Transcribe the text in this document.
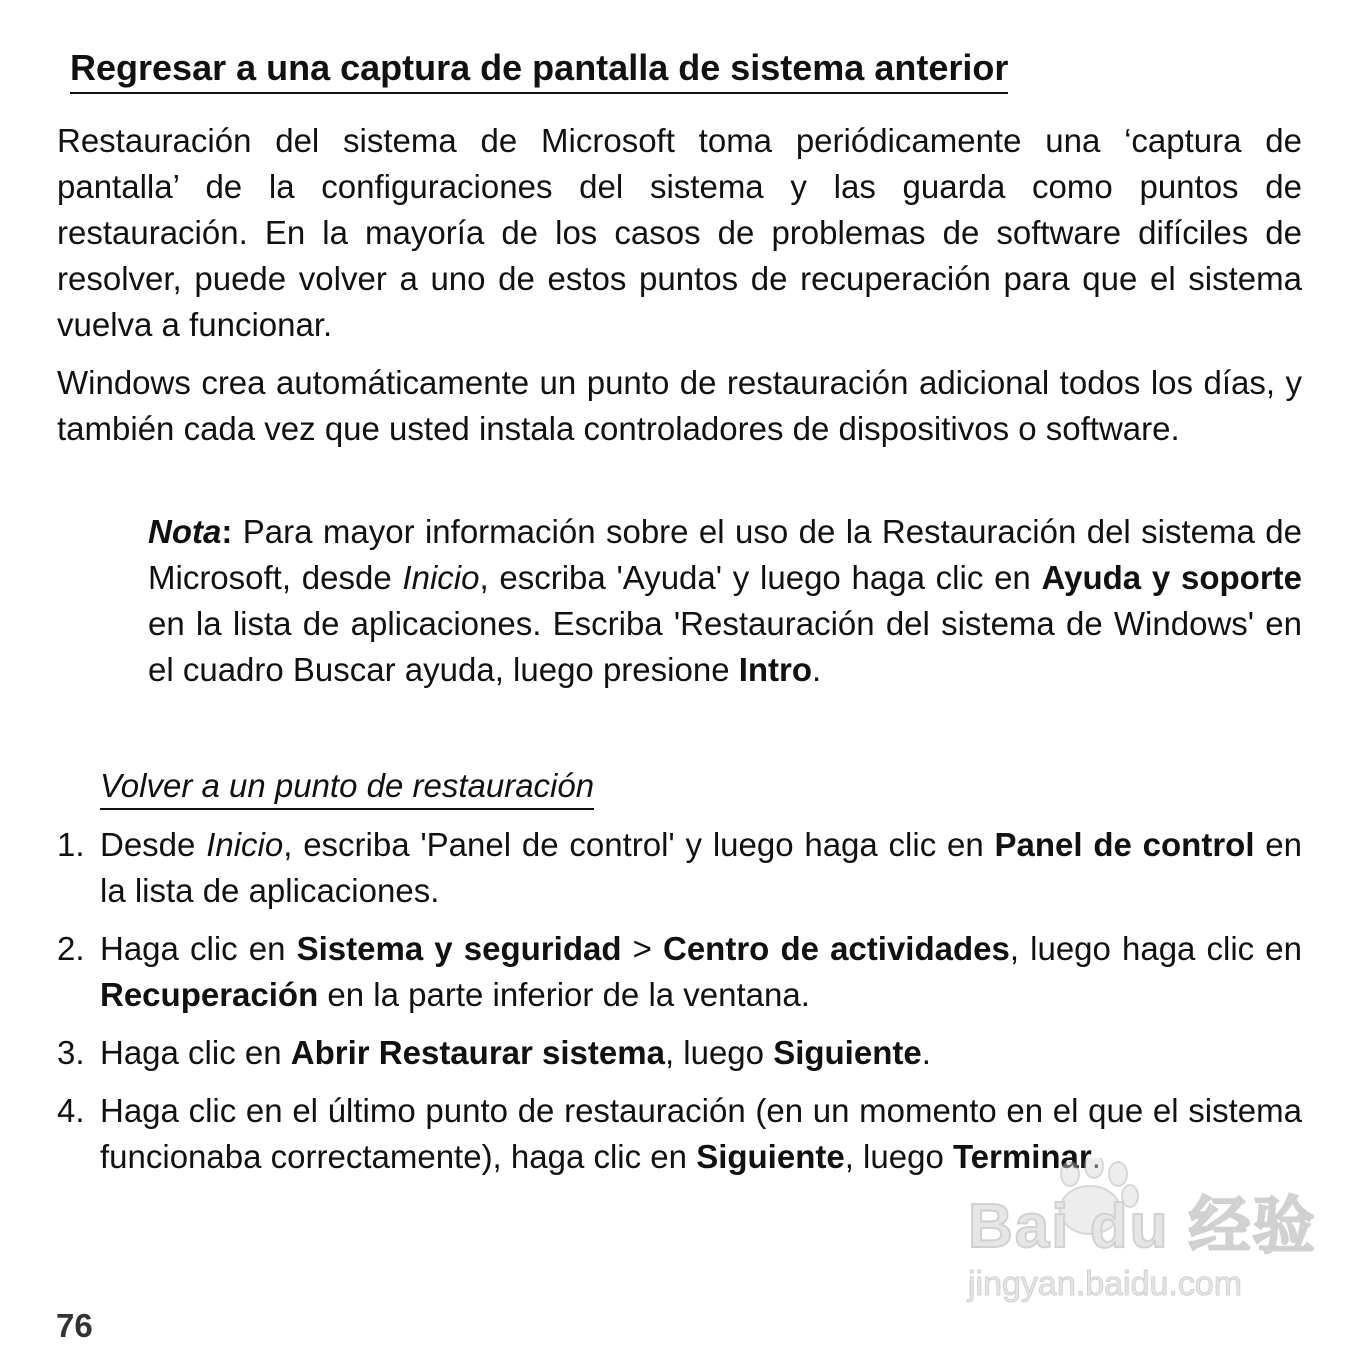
Regresar a una captura de pantalla de sistema anterior

Restauración del sistema de Microsoft toma periódicamente una ‘captura de pantalla’ de la configuraciones del sistema y las guarda como puntos de restauración. En la mayoría de los casos de problemas de software difíciles de resolver, puede volver a uno de estos puntos de recuperación para que el sistema vuelva a funcionar.

Windows crea automáticamente un punto de restauración adicional todos los días, y también cada vez que usted instala controladores de dispositivos o software.

Nota: Para mayor información sobre el uso de la Restauración del sistema de Microsoft, desde Inicio, escriba 'Ayuda' y luego haga clic en Ayuda y soporte en la lista de aplicaciones. Escriba 'Restauración del sistema de Windows' en el cuadro Buscar ayuda, luego presione Intro.

Volver a un punto de restauración
1. Desde Inicio, escriba 'Panel de control' y luego haga clic en Panel de control en la lista de aplicaciones.
2. Haga clic en Sistema y seguridad > Centro de actividades, luego haga clic en Recuperación en la parte inferior de la ventana.
3. Haga clic en Abrir Restaurar sistema, luego Siguiente.
4. Haga clic en el último punto de restauración (en un momento en el que el sistema funcionaba correctamente), haga clic en Siguiente, luego Terminar.
76
Bai du 经验
jingyan.baidu.com
